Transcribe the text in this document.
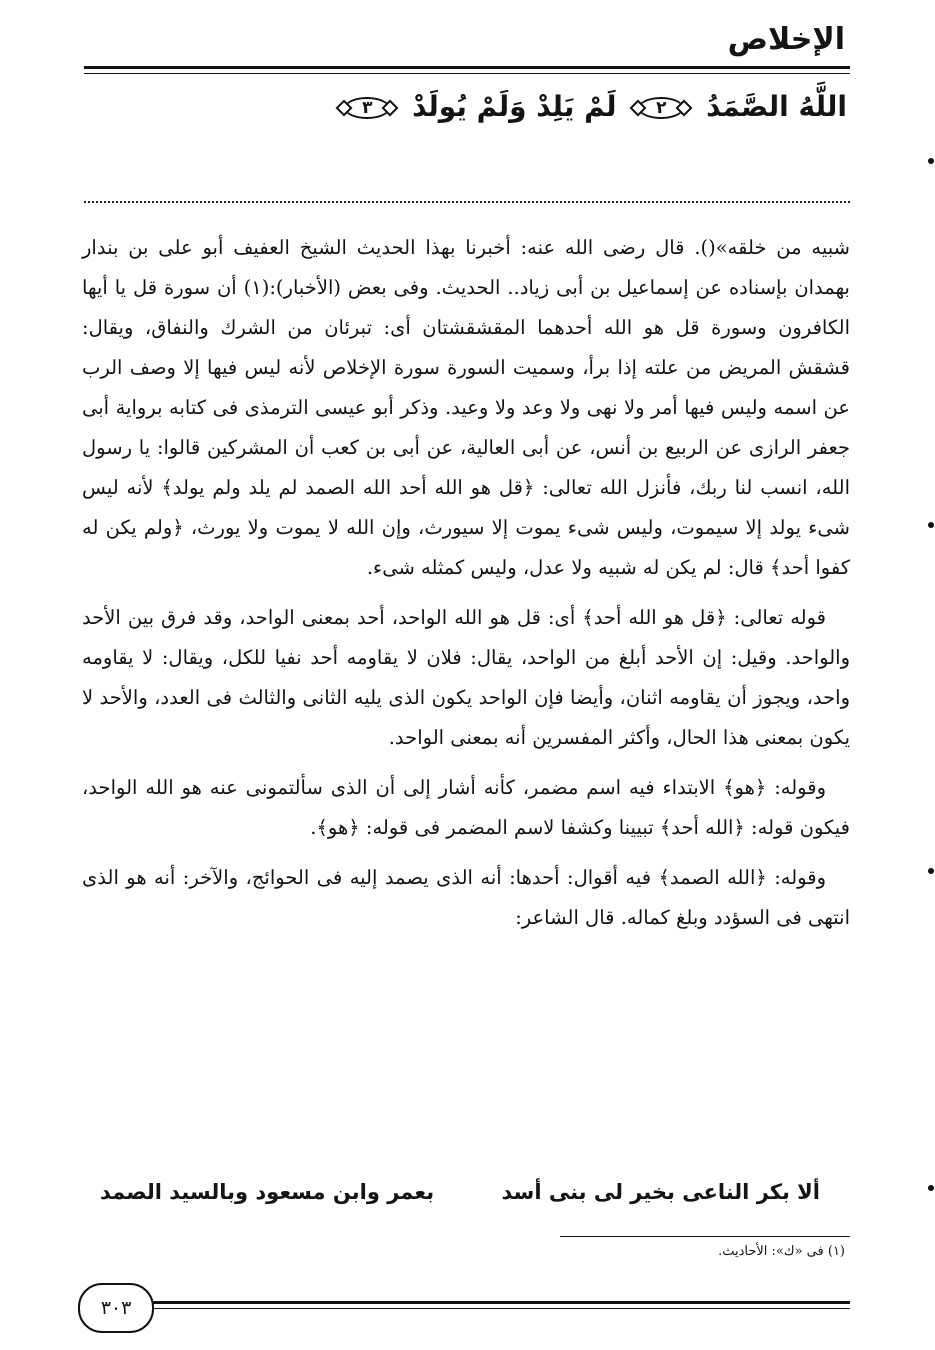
الإخلاص
اللَّهُ الصَّمَدُ
٢ لَمْ يَلِدْ وَلَمْ يُولَدْ
٣

شبيه من خلقه»(). قال رضى الله عنه: أخبرنا بهذا الحديث الشيخ العفيف أبو على بن بندار بهمدان بإسناده عن إسماعيل بن أبى زياد.. الحديث. وفى بعض (الأخبار):(١) أن سورة قل يا أيها الكافرون وسورة قل هو الله أحدهما المقشقشتان أى: تبرئان من الشرك والنفاق، ويقال: قشقش المريض من علته إذا برأ، وسميت السورة سورة الإخلاص لأنه ليس فيها إلا وصف الرب عن اسمه وليس فيها أمر ولا نهى ولا وعد ولا وعيد. وذكر أبو عيسى الترمذى فى كتابه برواية أبى جعفر الرازى عن الربيع بن أنس، عن أبى العالية، عن أبى بن كعب أن المشركين قالوا: يا رسول الله، انسب لنا ربك، فأنزل الله تعالى: ﴿قل هو الله أحد الله الصمد لم يلد ولم يولد﴾ لأنه ليس شىء يولد إلا سيموت، وليس شىء يموت إلا سيورث، وإن الله لا يموت ولا يورث، ﴿ولم يكن له كفوا أحد﴾ قال: لم يكن له شبيه ولا عدل، وليس كمثله شىء.

قوله تعالى: ﴿قل هو الله أحد﴾ أى: قل هو الله الواحد، أحد بمعنى الواحد، وقد فرق بين الأحد والواحد. وقيل: إن الأحد أبلغ من الواحد، يقال: فلان لا يقاومه أحد نفيا للكل، ويقال: لا يقاومه واحد، ويجوز أن يقاومه اثنان، وأيضا فإن الواحد يكون الذى يليه الثانى والثالث فى العدد، والأحد لا يكون بمعنى هذا الحال، وأكثر المفسرين أنه بمعنى الواحد.

وقوله: ﴿هو﴾ الابتداء فيه اسم مضمر، كأنه أشار إلى أن الذى سألتمونى عنه هو الله الواحد، فيكون قوله: ﴿الله أحد﴾ تبيينا وكشفا لاسم المضمر فى قوله: ﴿هو﴾.

وقوله: ﴿الله الصمد﴾ فيه أقوال: أحدها: أنه الذى يصمد إليه فى الحوائج، والآخر: أنه هو الذى انتهى فى السؤدد وبلغ كماله. قال الشاعر:

ألا بكر الناعى بخير لى بنى أسد
بعمر وابن مسعود وبالسيد الصمد
(١) فى «ك»: الأحاديث.
٣٠٣
